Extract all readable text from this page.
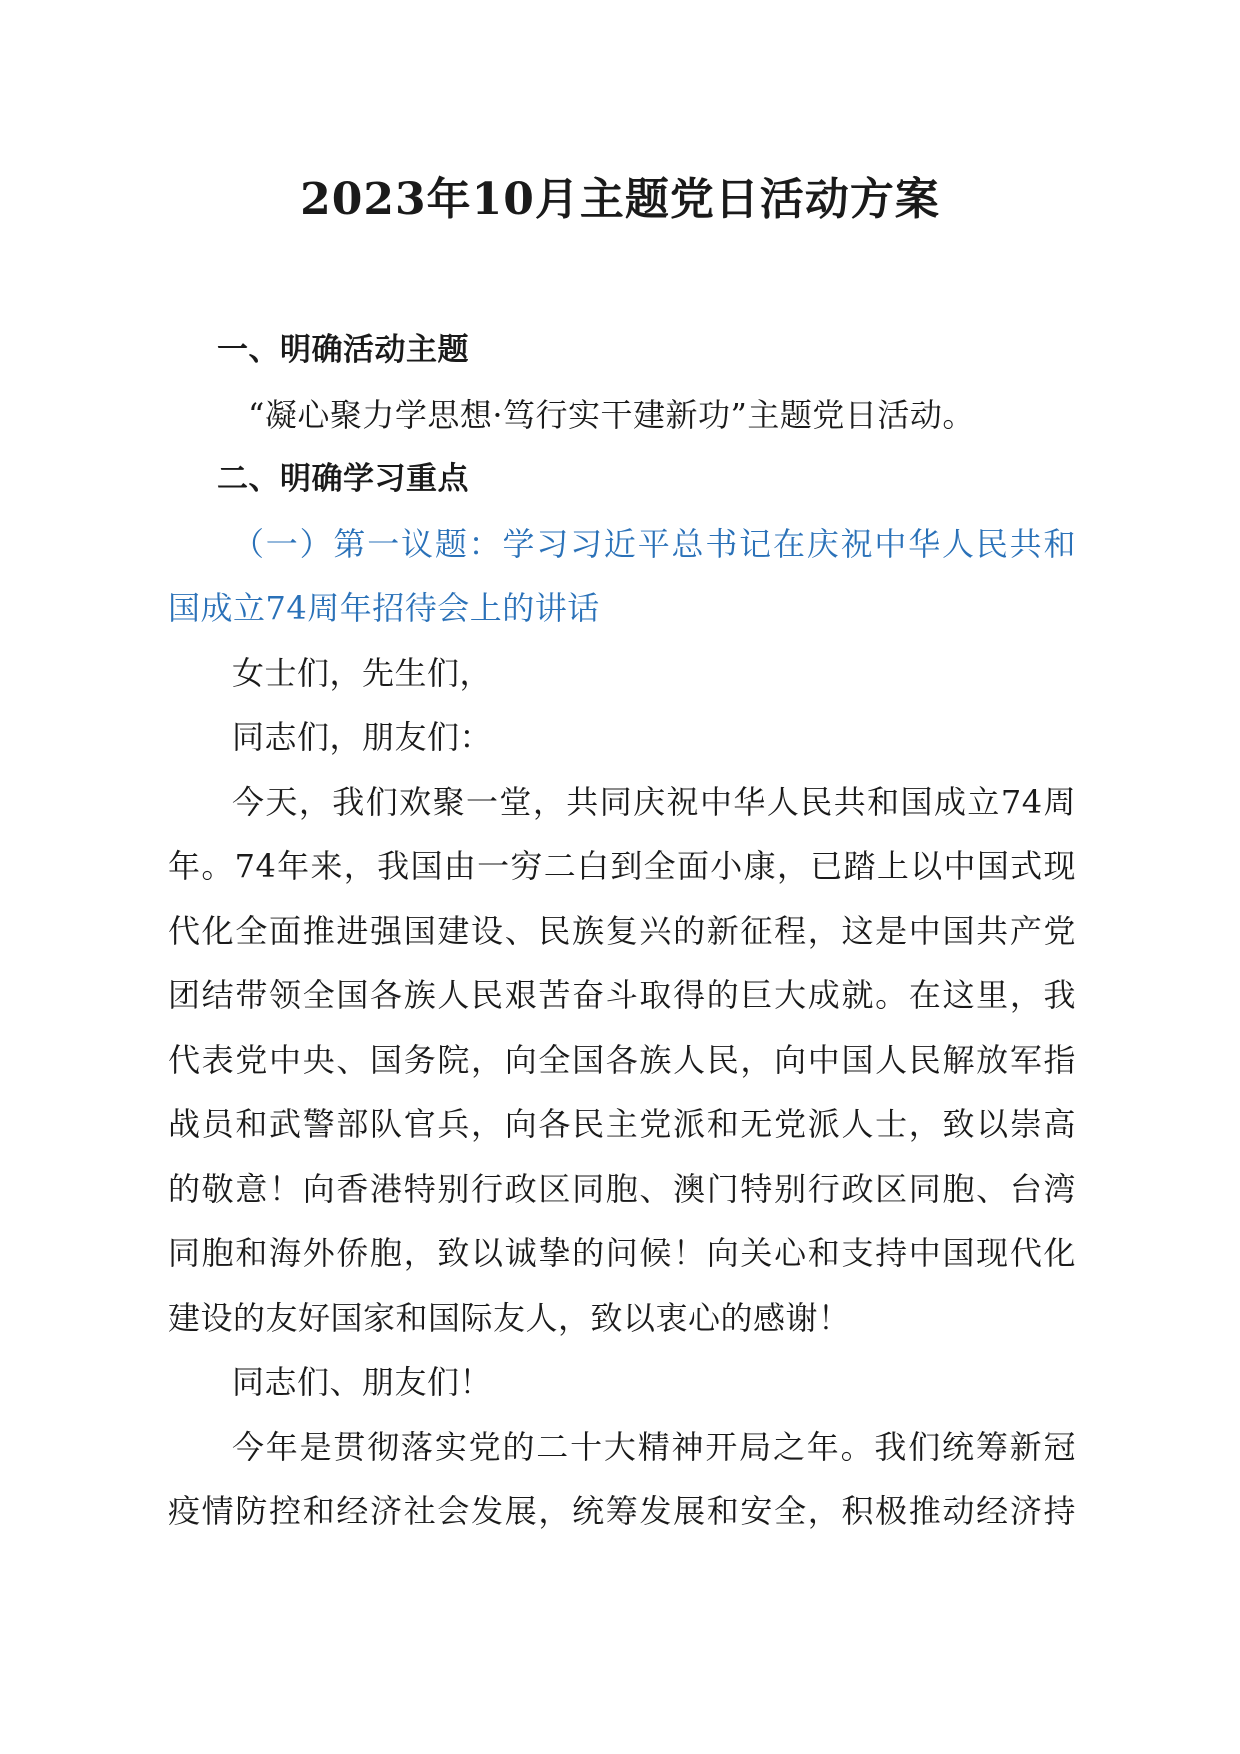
2023年10月主题党日活动方案
一、明确活动主题
“凝心聚力学思想·笃行实干建新功”主题党日活动。
二、明确学习重点
（一）第一议题：学习习近平总书记在庆祝中华人民共和
国成立74周年招待会上的讲话
女士们，先生们，
同志们，朋友们：
今天，我们欢聚一堂，共同庆祝中华人民共和国成立74周
年。74年来，我国由一穷二白到全面小康，已踏上以中国式现
代化全面推进强国建设、民族复兴的新征程，这是中国共产党
团结带领全国各族人民艰苦奋斗取得的巨大成就。在这里，我
代表党中央、国务院，向全国各族人民，向中国人民解放军指
战员和武警部队官兵，向各民主党派和无党派人士，致以崇高
的敬意！向香港特别行政区同胞、澳门特别行政区同胞、台湾
同胞和海外侨胞，致以诚挚的问候！向关心和支持中国现代化
建设的友好国家和国际友人，致以衷心的感谢！
同志们、朋友们！
今年是贯彻落实党的二十大精神开局之年。我们统筹新冠
疫情防控和经济社会发展，统筹发展和安全，积极推动经济持
